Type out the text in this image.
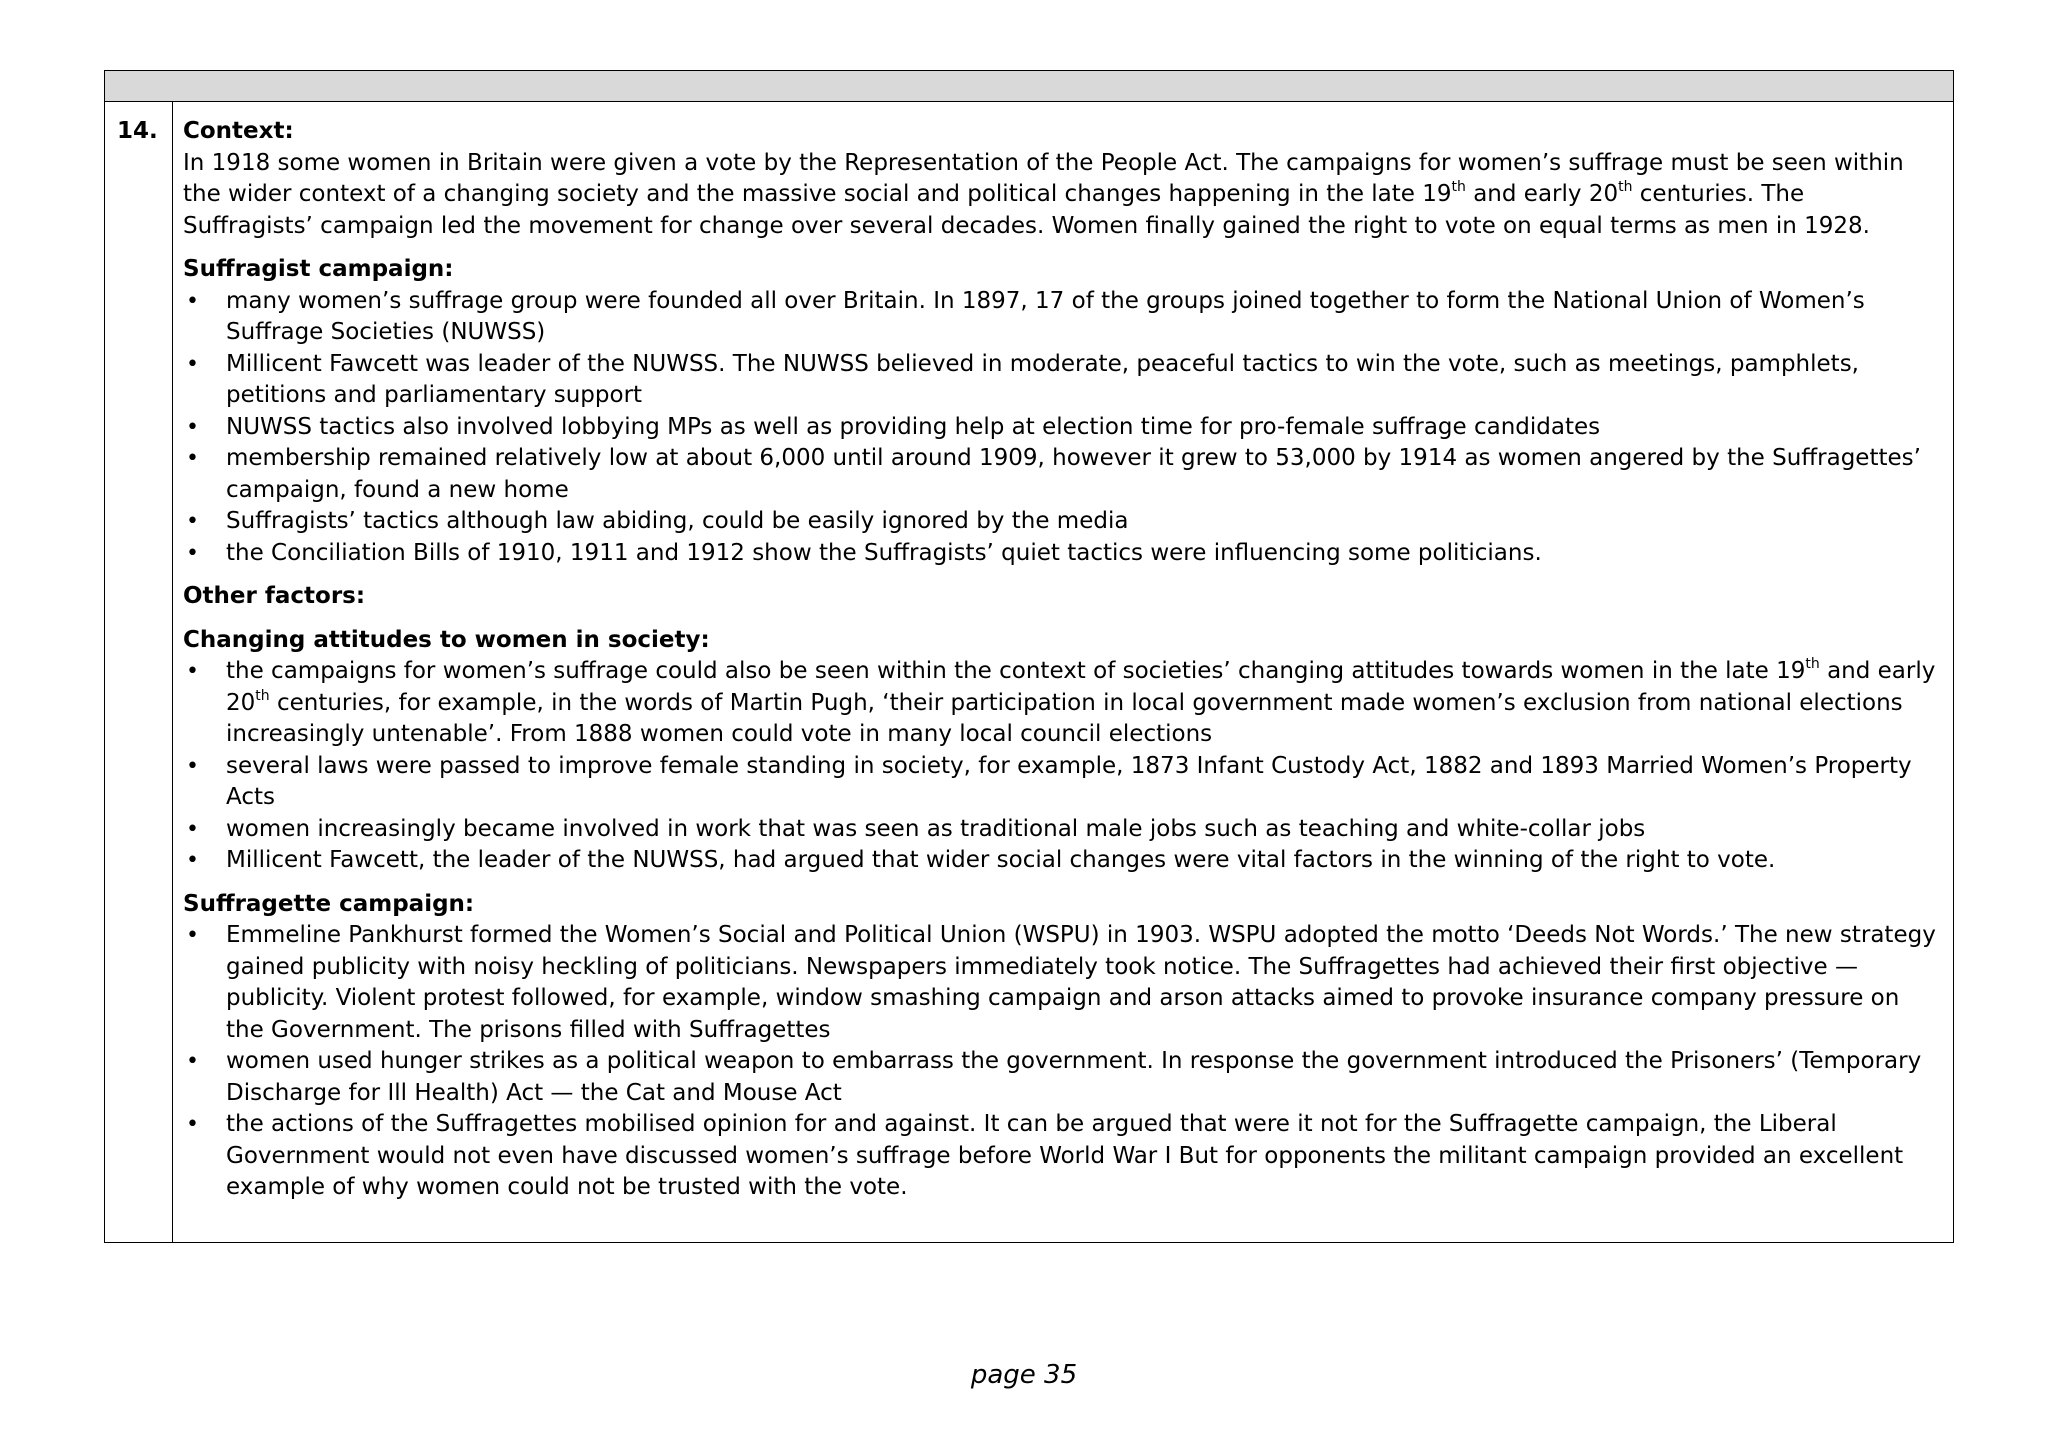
14.	Context:

In 1918 some women in Britain were given a vote by the Representation of the People Act. The campaigns for women’s suffrage must be seen within the wider context of a changing society and the massive social and political changes happening in the late 19th and early 20th centuries. The Suffragists’ campaign led the movement for change over several decades. Women finally gained the right to vote on equal terms as men in 1928.

Suffragist campaign:

• many women’s suffrage group were founded all over Britain. In 1897, 17 of the groups joined together to form the National Union of Women’s Suffrage Societies (NUWSS)
• Millicent Fawcett was leader of the NUWSS. The NUWSS believed in moderate, peaceful tactics to win the vote, such as meetings, pamphlets, petitions and parliamentary support
• NUWSS tactics also involved lobbying MPs as well as providing help at election time for pro-female suffrage candidates
• membership remained relatively low at about 6,000 until around 1909, however it grew to 53,000 by 1914 as women angered by the Suffragettes’ campaign, found a new home
• Suffragists’ tactics although law abiding, could be easily ignored by the media
• the Conciliation Bills of 1910, 1911 and 1912 show the Suffragists’ quiet tactics were influencing some politicians.

Other factors:

Changing attitudes to women in society:

• the campaigns for women’s suffrage could also be seen within the context of societies’ changing attitudes towards women in the late 19th and early 20th centuries, for example, in the words of Martin Pugh, ‘their participation in local government made women’s exclusion from national elections increasingly untenable’. From 1888 women could vote in many local council elections
• several laws were passed to improve female standing in society, for example, 1873 Infant Custody Act, 1882 and 1893 Married Women’s Property Acts
• women increasingly became involved in work that was seen as traditional male jobs such as teaching and white-collar jobs
• Millicent Fawcett, the leader of the NUWSS, had argued that wider social changes were vital factors in the winning of the right to vote.

Suffragette campaign:

• Emmeline Pankhurst formed the Women’s Social and Political Union (WSPU) in 1903. WSPU adopted the motto ‘Deeds Not Words.’ The new strategy gained publicity with noisy heckling of politicians. Newspapers immediately took notice. The Suffragettes had achieved their first objective — publicity. Violent protest followed, for example, window smashing campaign and arson attacks aimed to provoke insurance company pressure on the Government. The prisons filled with Suffragettes
• women used hunger strikes as a political weapon to embarrass the government. In response the government introduced the Prisoners’ (Temporary Discharge for Ill Health) Act — the Cat and Mouse Act
• the actions of the Suffragettes mobilised opinion for and against. It can be argued that were it not for the Suffragette campaign, the Liberal Government would not even have discussed women’s suffrage before World War I But for opponents the militant campaign provided an excellent example of why women could not be trusted with the vote.
page 35
